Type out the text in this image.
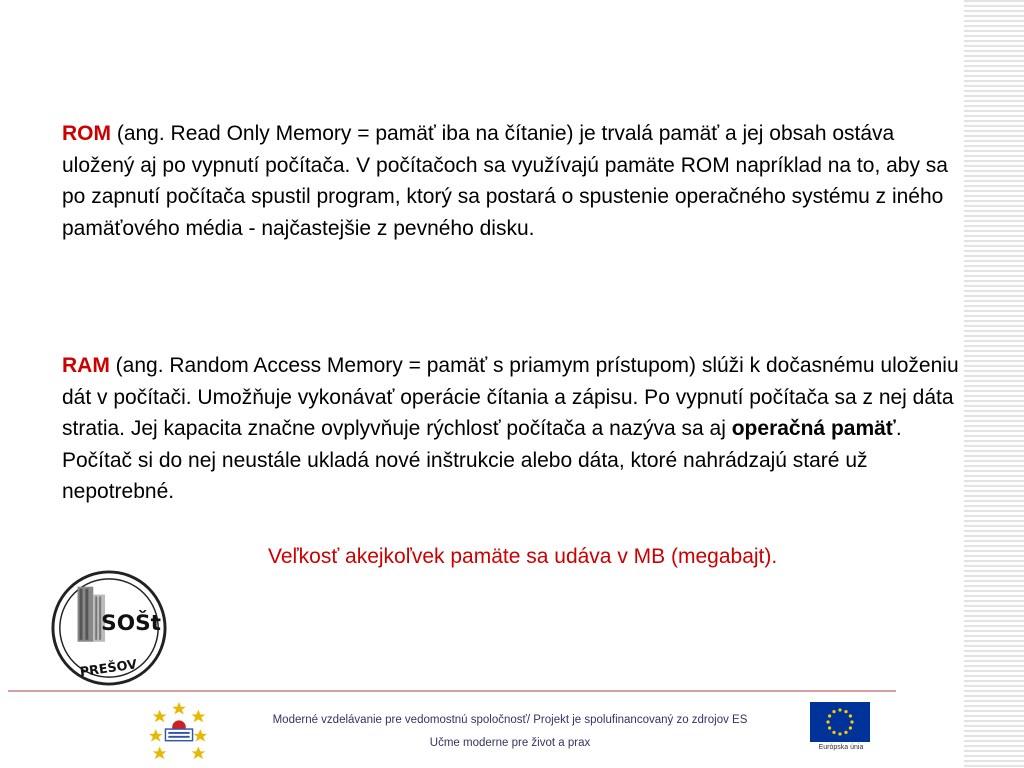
ROM (ang. Read Only Memory = pamäť iba na čítanie) je trvalá pamäť a jej obsah ostáva uložený aj po vypnutí počítača. V počítačoch sa využívajú pamäte ROM napríklad na to, aby sa po zapnutí počítača spustil program, ktorý sa postará o spustenie operačného systému z iného pamäťového média - najčastejšie z pevného disku.

RAM (ang. Random Access Memory = pamäť s priamym prístupom) slúži k dočasnému uloženiu dát v počítači. Umožňuje vykonávať operácie čítania a zápisu. Po vypnutí počítača sa z nej dáta stratia. Jej kapacita značne ovplyvňuje rýchlosť počítača a nazýva sa aj operačná pamäť. Počítač si do nej neustále ukladá nové inštrukcie alebo dáta, ktoré nahrádzajú staré už nepotrebné.

Veľkosť akejkoľvek pamäte sa udáva v MB (megabajt).

SOŠt
PREŠOV

Moderné vzdelávanie pre vedomostnú spoločnosť/ Projekt je spolufinancovaný zo zdrojov ES

Učme moderne pre život a prax	Európska únia
